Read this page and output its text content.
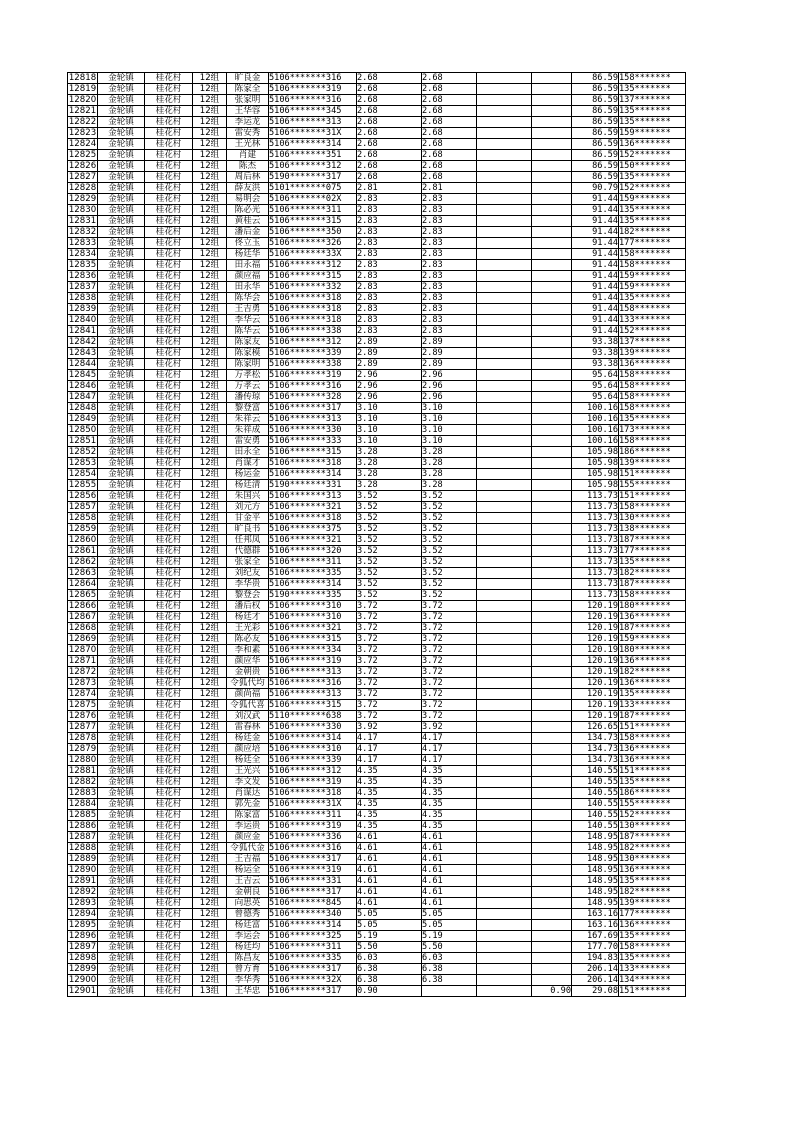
12818	金轮镇	桂花村	12组	旷良金	5106*******316	2.68	2.68			86.59	158*******
12819	金轮镇	桂花村	12组	陈家全	5106*******319	2.68	2.68			86.59	135*******
12820	金轮镇	桂花村	12组	张家明	5106*******316	2.68	2.68			86.59	137*******
12821	金轮镇	桂花村	12组	王华容	5106*******345	2.68	2.68			86.59	135*******
12822	金轮镇	桂花村	12组	李运龙	5106*******313	2.68	2.68			86.59	135*******
12823	金轮镇	桂花村	12组	雷安秀	5106*******31X	2.68	2.68			86.59	159*******
12824	金轮镇	桂花村	12组	王光林	5106*******314	2.68	2.68			86.59	136*******
12825	金轮镇	桂花村	12组	肖建	5106*******351	2.68	2.68			86.59	152*******
12826	金轮镇	桂花村	12组	陈杰	5106*******312	2.68	2.68			86.59	150*******
12827	金轮镇	桂花村	12组	周后林	5190*******317	2.68	2.68			86.59	135*******
12828	金轮镇	桂花村	12组	薛友洪	5101*******075	2.81	2.81			90.79	152*******
12829	金轮镇	桂花村	12组	易明会	5106*******02X	2.83	2.83			91.44	159*******
12830	金轮镇	桂花村	12组	陈必光	5106*******311	2.83	2.83			91.44	135*******
12831	金轮镇	桂花村	12组	黄桂云	5106*******315	2.83	2.83			91.44	135*******
12832	金轮镇	桂花村	12组	潘后金	5106*******350	2.83	2.83			91.44	182*******
12833	金轮镇	桂花村	12组	佟立玉	5106*******326	2.83	2.83			91.44	177*******
12834	金轮镇	桂花村	12组	杨廷华	5106*******33X	2.83	2.83			91.44	158*******
12835	金轮镇	桂花村	12组	田永福	5106*******312	2.83	2.83			91.44	158*******
12836	金轮镇	桂花村	12组	颜应福	5106*******315	2.83	2.83			91.44	159*******
12837	金轮镇	桂花村	12组	田永华	5106*******332	2.83	2.83			91.44	159*******
12838	金轮镇	桂花村	12组	陈华会	5106*******318	2.83	2.83			91.44	135*******
12839	金轮镇	桂花村	12组	王吉勇	5106*******318	2.83	2.83			91.44	158*******
12840	金轮镇	桂花村	12组	李华云	5106*******318	2.83	2.83			91.44	133*******
12841	金轮镇	桂花村	12组	陈华云	5106*******338	2.83	2.83			91.44	152*******
12842	金轮镇	桂花村	12组	陈家友	5106*******312	2.89	2.89			93.38	137*******
12843	金轮镇	桂花村	12组	陈家模	5106*******339	2.89	2.89			93.38	139*******
12844	金轮镇	桂花村	12组	陈家明	5106*******338	2.89	2.89			93.38	136*******
12845	金轮镇	桂花村	12组	万孝松	5106*******319	2.96	2.96			95.64	158*******
12846	金轮镇	桂花村	12组	万孝云	5106*******316	2.96	2.96			95.64	158*******
12847	金轮镇	桂花村	12组	潘传琼	5106*******328	2.96	2.96			95.64	158*******
12848	金轮镇	桂花村	12组	黎登富	5106*******317	3.10	3.10			100.16	158*******
12849	金轮镇	桂花村	12组	朱祥云	5106*******313	3.10	3.10			100.16	135*******
12850	金轮镇	桂花村	12组	朱祥成	5106*******330	3.10	3.10			100.16	173*******
12851	金轮镇	桂花村	12组	雷安勇	5106*******333	3.10	3.10			100.16	158*******
12852	金轮镇	桂花村	12组	田永全	5106*******315	3.28	3.28			105.98	186*******
12853	金轮镇	桂花村	12组	肖谋才	5106*******318	3.28	3.28			105.98	139*******
12854	金轮镇	桂花村	12组	杨运金	5106*******314	3.28	3.28			105.98	151*******
12855	金轮镇	桂花村	12组	杨廷清	5190*******331	3.28	3.28			105.98	155*******
12856	金轮镇	桂花村	12组	朱国兴	5106*******313	3.52	3.52			113.73	151*******
12857	金轮镇	桂花村	12组	刘元方	5106*******321	3.52	3.52			113.73	158*******
12858	金轮镇	桂花村	12组	甘金平	5106*******318	3.52	3.52			113.73	130*******
12859	金轮镇	桂花村	12组	旷良书	5106*******375	3.52	3.52			113.73	138*******
12860	金轮镇	桂花村	12组	任邦凤	5106*******321	3.52	3.52			113.73	187*******
12861	金轮镇	桂花村	12组	代德群	5106*******320	3.52	3.52			113.73	177*******
12862	金轮镇	桂花村	12组	张家全	5106*******311	3.52	3.52			113.73	135*******
12863	金轮镇	桂花村	12组	刘纪友	5106*******335	3.52	3.52			113.73	182*******
12864	金轮镇	桂花村	12组	李华贵	5106*******314	3.52	3.52			113.73	187*******
12865	金轮镇	桂花村	12组	黎登会	5190*******335	3.52	3.52			113.73	158*******
12866	金轮镇	桂花村	12组	潘后权	5106*******310	3.72	3.72			120.19	180*******
12867	金轮镇	桂花村	12组	杨廷才	5106*******310	3.72	3.72			120.19	136*******
12868	金轮镇	桂花村	12组	王光彩	5106*******321	3.72	3.72			120.19	187*******
12869	金轮镇	桂花村	12组	陈必友	5106*******315	3.72	3.72			120.19	159*******
12870	金轮镇	桂花村	12组	李和素	5106*******334	3.72	3.72			120.19	180*******
12871	金轮镇	桂花村	12组	颜应华	5106*******319	3.72	3.72			120.19	136*******
12872	金轮镇	桂花村	12组	金朝贵	5106*******313	3.72	3.72			120.19	182*******
12873	金轮镇	桂花村	12组	令狐代均	5106*******316	3.72	3.72			120.19	136*******
12874	金轮镇	桂花村	12组	颜尚福	5106*******313	3.72	3.72			120.19	135*******
12875	金轮镇	桂花村	12组	令狐代喜	5106*******315	3.72	3.72			120.19	133*******
12876	金轮镇	桂花村	12组	刘汉武	5110*******638	3.72	3.72			120.19	187*******
12877	金轮镇	桂花村	12组	雷春林	5106*******330	3.92	3.92			126.65	151*******
12878	金轮镇	桂花村	12组	杨廷金	5106*******314	4.17	4.17			134.73	158*******
12879	金轮镇	桂花村	12组	颜应培	5106*******310	4.17	4.17			134.73	136*******
12880	金轮镇	桂花村	12组	杨廷全	5106*******339	4.17	4.17			134.73	136*******
12881	金轮镇	桂花村	12组	王光兴	5106*******312	4.35	4.35			140.55	151*******
12882	金轮镇	桂花村	12组	李文发	5106*******319	4.35	4.35			140.55	135*******
12883	金轮镇	桂花村	12组	肖谋达	5106*******318	4.35	4.35			140.55	186*******
12884	金轮镇	桂花村	12组	郭先金	5106*******31X	4.35	4.35			140.55	155*******
12885	金轮镇	桂花村	12组	陈家富	5106*******311	4.35	4.35			140.55	152*******
12886	金轮镇	桂花村	12组	李运贵	5106*******319	4.35	4.35			140.55	130*******
12887	金轮镇	桂花村	12组	颜应金	5106*******336	4.61	4.61			148.95	187*******
12888	金轮镇	桂花村	12组	令狐代金	5106*******316	4.61	4.61			148.95	182*******
12889	金轮镇	桂花村	12组	王吉福	5106*******317	4.61	4.61			148.95	130*******
12890	金轮镇	桂花村	12组	杨运全	5106*******319	4.61	4.61			148.95	136*******
12891	金轮镇	桂花村	12组	王吉云	5106*******331	4.61	4.61			148.95	135*******
12892	金轮镇	桂花村	12组	金朝良	5106*******317	4.61	4.61			148.95	182*******
12893	金轮镇	桂花村	12组	向思英	5106*******845	4.61	4.61			148.95	139*******
12894	金轮镇	桂花村	12组	曾德秀	5106*******340	5.05	5.05			163.16	177*******
12895	金轮镇	桂花村	12组	杨廷富	5106*******314	5.05	5.05			163.16	136*******
12896	金轮镇	桂花村	12组	李运会	5106*******325	5.19	5.19			167.69	135*******
12897	金轮镇	桂花村	12组	杨廷均	5106*******311	5.50	5.50			177.70	158*******
12898	金轮镇	桂花村	12组	陈昌友	5106*******335	6.03	6.03			194.83	135*******
12899	金轮镇	桂花村	12组	曾方育	5106*******317	6.38	6.38			206.14	133*******
12900	金轮镇	桂花村	12组	李华秀	5106*******32X	6.38	6.38			206.14	134*******
12901	金轮镇	桂花村	13组	王华忠	5106*******317	0.90			0.90	29.08	151*******
